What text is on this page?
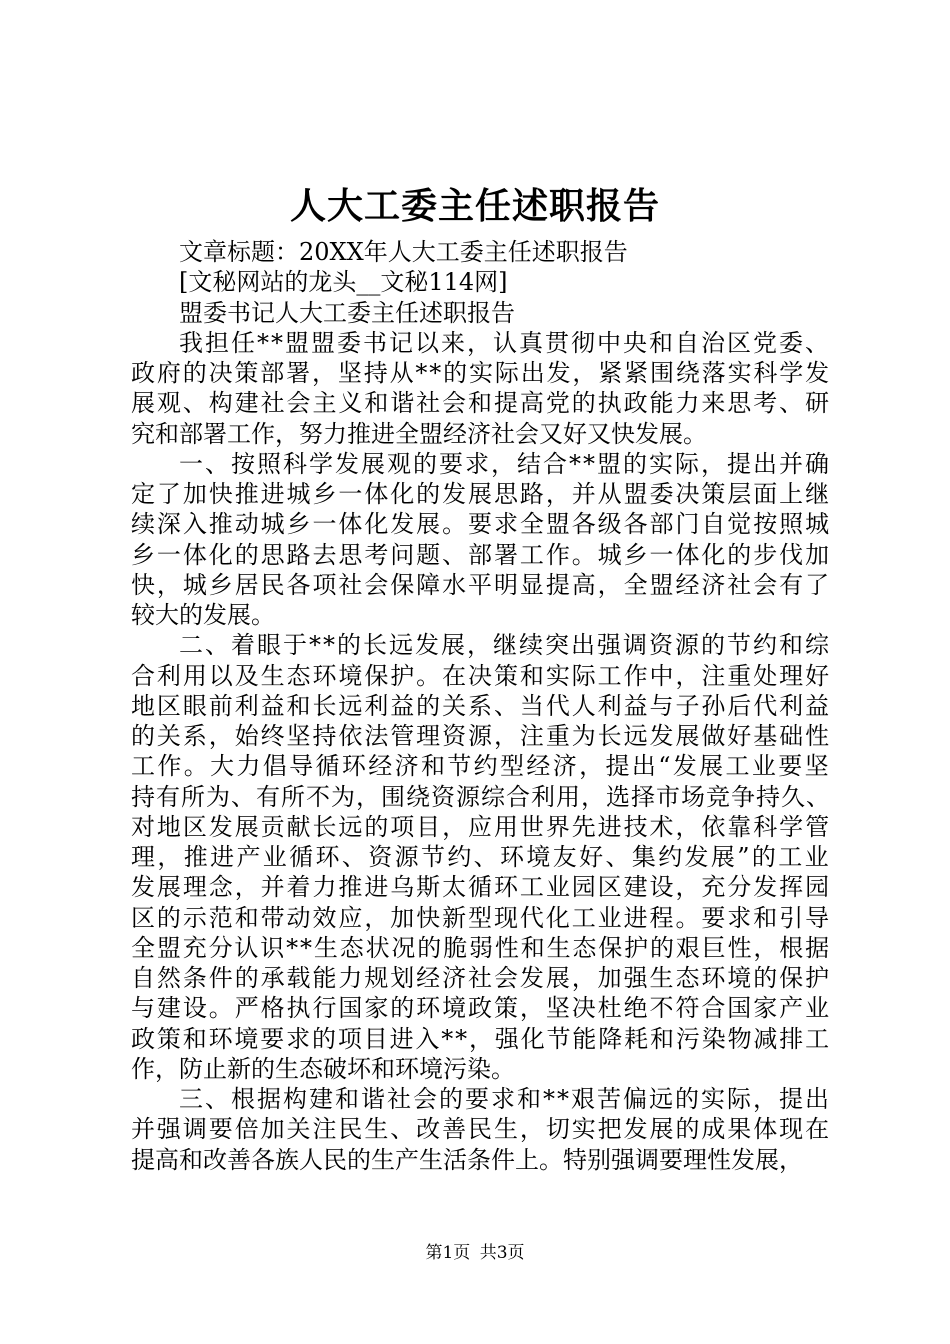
人大工委主任述职报告
文章标题：20XX年人大工委主任述职报告
[文秘网站的龙头__文秘114网]
盟委书记人大工委主任述职报告
我担任**盟盟委书记以来，认真贯彻中央和自治区党委、
政府的决策部署，坚持从**的实际出发，紧紧围绕落实科学发
展观、构建社会主义和谐社会和提高党的执政能力来思考、研
究和部署工作，努力推进全盟经济社会又好又快发展。
一、按照科学发展观的要求，结合**盟的实际，提出并确
定了加快推进城乡一体化的发展思路，并从盟委决策层面上继
续深入推动城乡一体化发展。要求全盟各级各部门自觉按照城
乡一体化的思路去思考问题、部署工作。城乡一体化的步伐加
快，城乡居民各项社会保障水平明显提高，全盟经济社会有了
较大的发展。
二、着眼于**的长远发展，继续突出强调资源的节约和综
合利用以及生态环境保护。在决策和实际工作中，注重处理好
地区眼前利益和长远利益的关系、当代人利益与子孙后代利益
的关系，始终坚持依法管理资源，注重为长远发展做好基础性
工作。大力倡导循环经济和节约型经济，提出“发展工业要坚
持有所为、有所不为，围绕资源综合利用，选择市场竞争持久、
对地区发展贡献长远的项目，应用世界先进技术，依靠科学管
理，推进产业循环、资源节约、环境友好、集约发展”的工业
发展理念，并着力推进乌斯太循环工业园区建设，充分发挥园
区的示范和带动效应，加快新型现代化工业进程。要求和引导
全盟充分认识**生态状况的脆弱性和生态保护的艰巨性，根据
自然条件的承载能力规划经济社会发展，加强生态环境的保护
与建设。严格执行国家的环境政策，坚决杜绝不符合国家产业
政策和环境要求的项目进入**，强化节能降耗和污染物减排工
作，防止新的生态破坏和环境污染。
三、根据构建和谐社会的要求和**艰苦偏远的实际，提出
并强调要倍加关注民生、改善民生，切实把发展的成果体现在
提高和改善各族人民的生产生活条件上。特别强调要理性发展，
第1页 共3页
